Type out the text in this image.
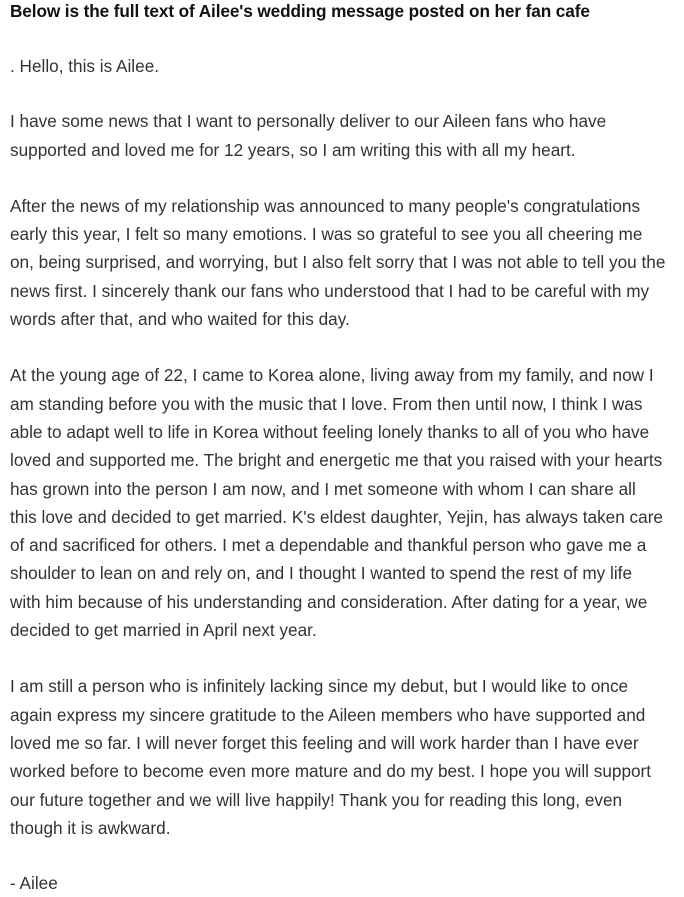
Below is the full text of Ailee's wedding message posted on her fan cafe

. Hello, this is Ailee.

I have some news that I want to personally deliver to our Aileen fans who have
supported and loved me for 12 years, so I am writing this with all my heart.

After the news of my relationship was announced to many people's congratulations
early this year, I felt so many emotions. I was so grateful to see you all cheering me
on, being surprised, and worrying, but I also felt sorry that I was not able to tell you the
news first. I sincerely thank our fans who understood that I had to be careful with my
words after that, and who waited for this day.

At the young age of 22, I came to Korea alone, living away from my family, and now I
am standing before you with the music that I love. From then until now, I think I was
able to adapt well to life in Korea without feeling lonely thanks to all of you who have
loved and supported me. The bright and energetic me that you raised with your hearts
has grown into the person I am now, and I met someone with whom I can share all
this love and decided to get married. K's eldest daughter, Yejin, has always taken care
of and sacrificed for others. I met a dependable and thankful person who gave me a
shoulder to lean on and rely on, and I thought I wanted to spend the rest of my life
with him because of his understanding and consideration. After dating for a year, we
decided to get married in April next year.

I am still a person who is infinitely lacking since my debut, but I would like to once
again express my sincere gratitude to the Aileen members who have supported and
loved me so far. I will never forget this feeling and will work harder than I have ever
worked before to become even more mature and do my best. I hope you will support
our future together and we will live happily! Thank you for reading this long, even
though it is awkward.

- Ailee
